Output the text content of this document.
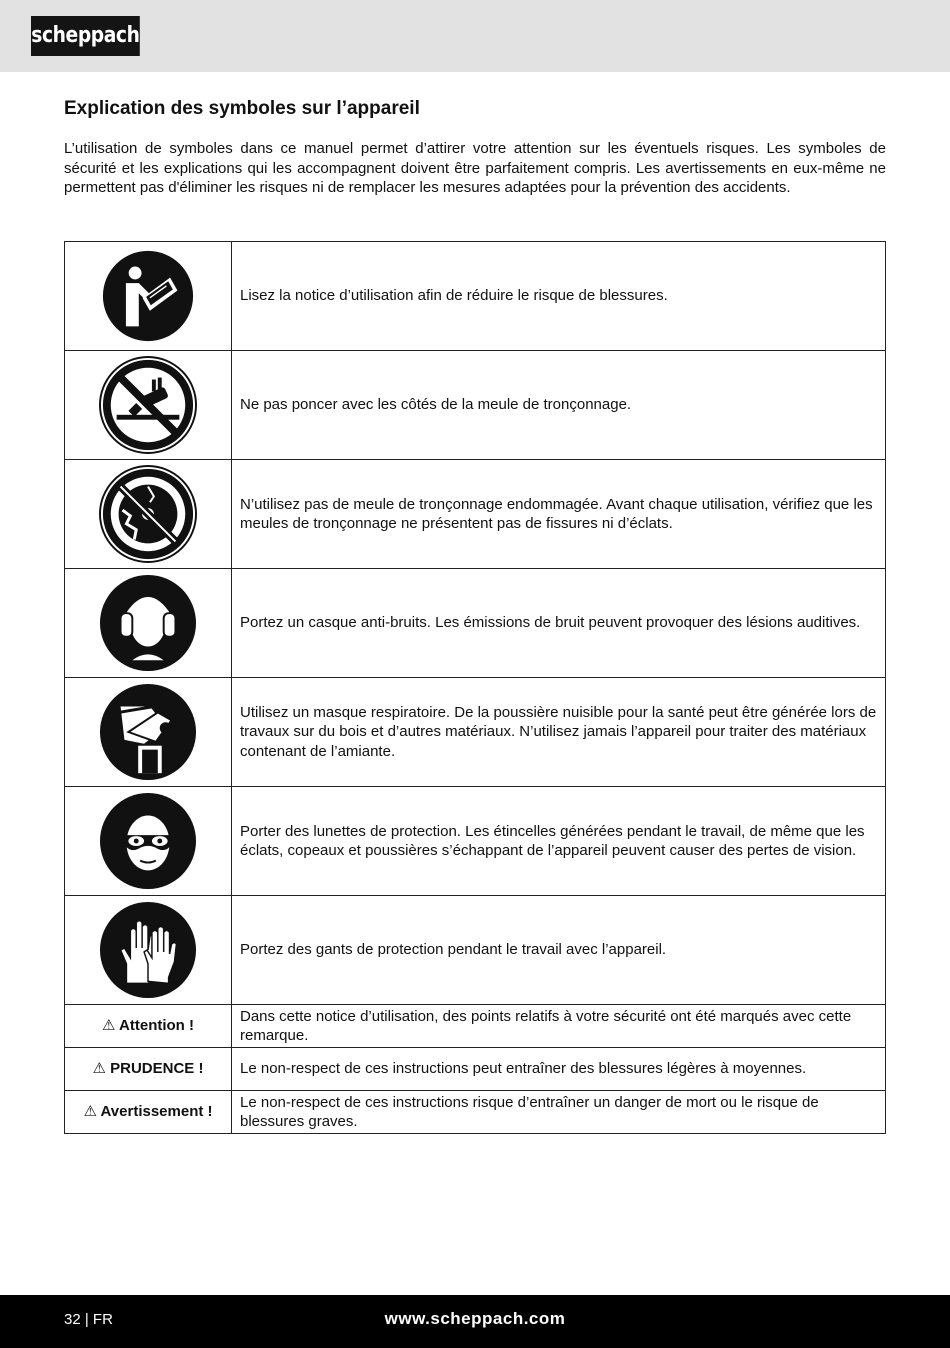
scheppach
Explication des symboles sur l’appareil

L’utilisation de symboles dans ce manuel permet d’attirer votre attention sur les éventuels risques. Les symboles de sécurité et les explications qui les accompagnent doivent être parfaitement compris. Les avertissements en eux-même ne permettent pas d'éliminer les risques ni de remplacer les mesures adaptées pour la prévention des accidents.

	Lisez la notice d’utilisation afin de réduire le risque de blessures.

	Ne pas poncer avec les côtés de la meule de tronçonnage.

	N’utilisez pas de meule de tronçonnage endommagée. Avant chaque utilisation, vérifiez que les meules de tronçonnage ne présentent pas de fissures ni d’éclats.

	Portez un casque anti-bruits. Les émissions de bruit peuvent provoquer des lésions auditives.

	Utilisez un masque respiratoire. De la poussière nuisible pour la santé peut être générée lors de travaux sur du bois et d’autres matériaux. N’utilisez jamais l’appareil pour traiter des matériaux contenant de l’amiante.

	Porter des lunettes de protection. Les étincelles générées pendant le travail, de même que les éclats, copeaux et poussières s’échappant de l’appareil peuvent causer des pertes de vision.

	Portez des gants de protection pendant le travail avec l’appareil.
⚠ Attention !	Dans cette notice d’utilisation, des points relatifs à votre sécurité ont été marqués avec cette remarque.
⚠ PRUDENCE !	Le non-respect de ces instructions peut entraîner des blessures légères à moyennes.
⚠ Avertissement !	Le non-respect de ces instructions risque d’entraîner un danger de mort ou le risque de blessures graves.
32 | FR	www.scheppach.com
